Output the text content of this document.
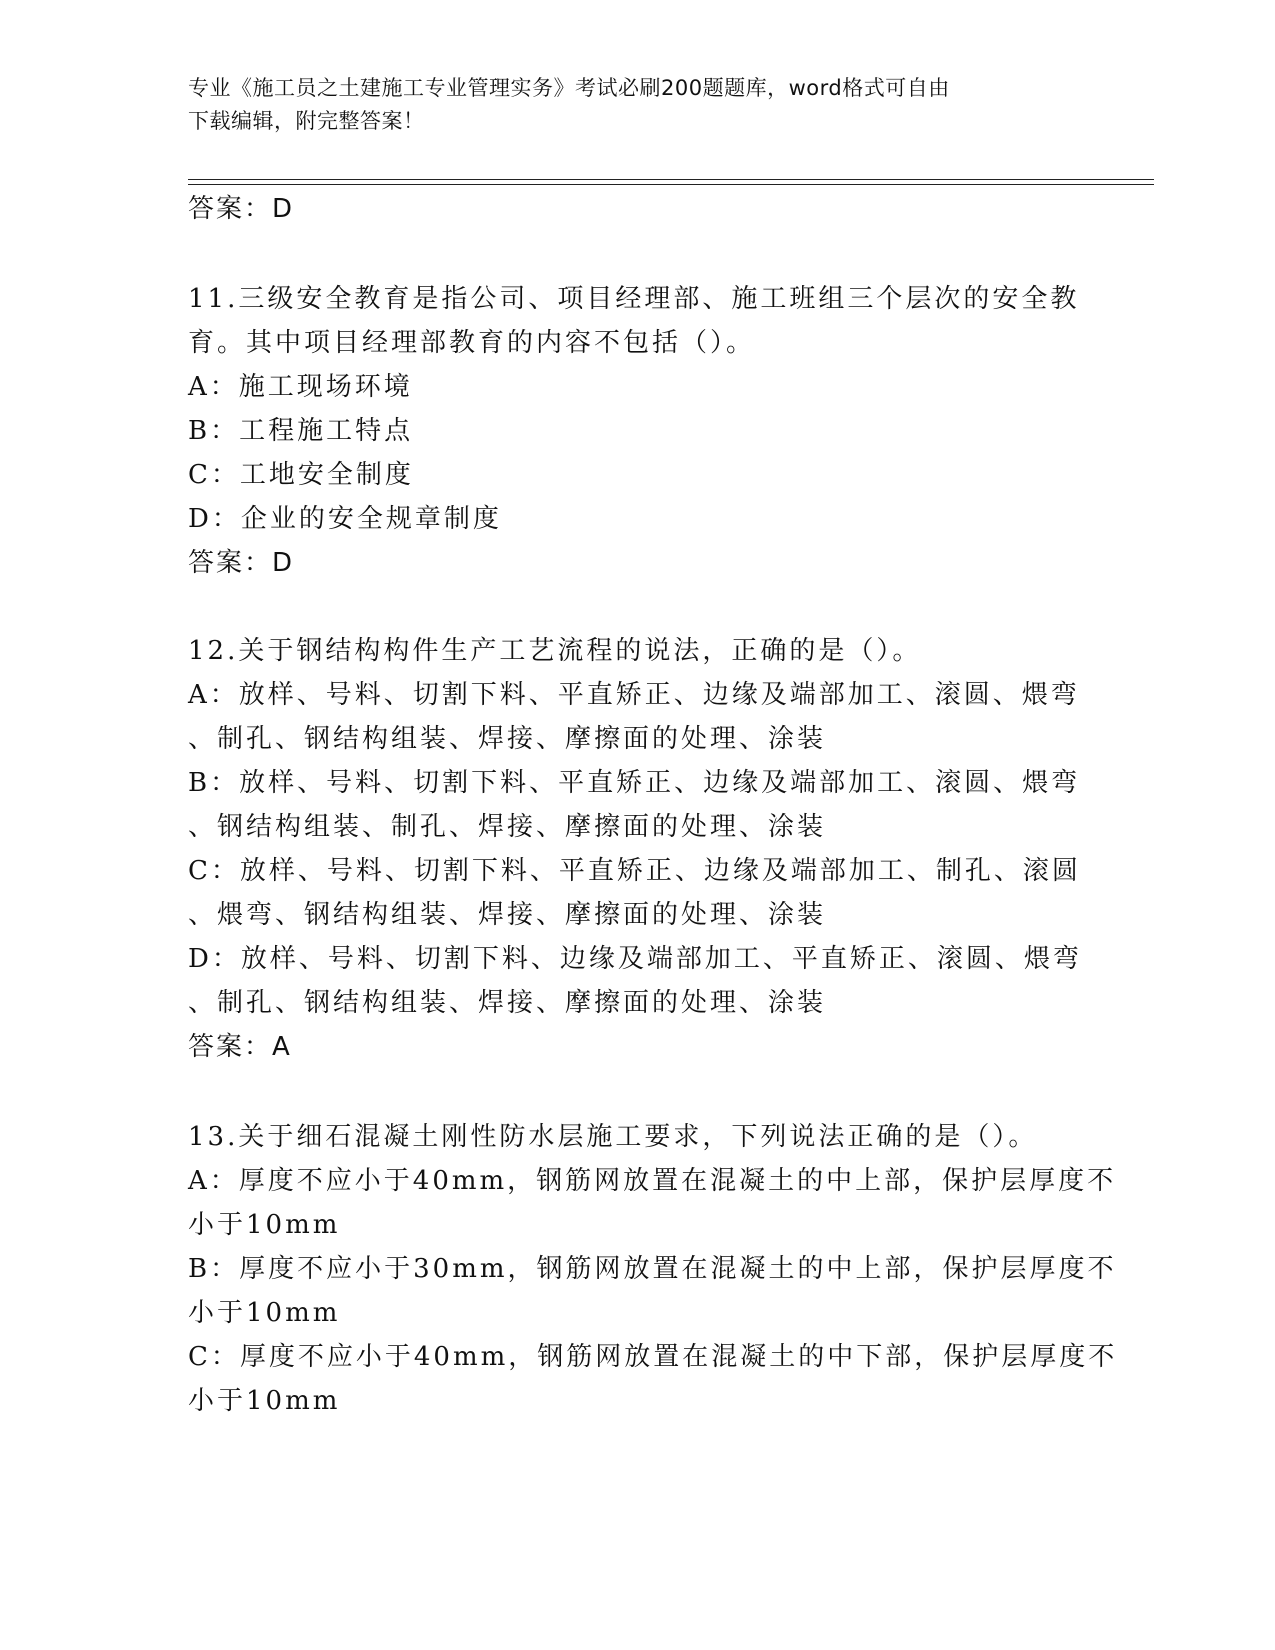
专业《施工员之土建施工专业管理实务》考试必刷200题题库，word格式可自由
下载编辑，附完整答案！
答案：D
11.三级安全教育是指公司、项目经理部、施工班组三个层次的安全教
育。其中项目经理部教育的内容不包括（）。
A：施工现场环境
B：工程施工特点
C：工地安全制度
D：企业的安全规章制度
答案：D
12.关于钢结构构件生产工艺流程的说法，正确的是（）。
A：放样、号料、切割下料、平直矫正、边缘及端部加工、滚圆、煨弯
、制孔、钢结构组装、焊接、摩擦面的处理、涂装
B：放样、号料、切割下料、平直矫正、边缘及端部加工、滚圆、煨弯
、钢结构组装、制孔、焊接、摩擦面的处理、涂装
C：放样、号料、切割下料、平直矫正、边缘及端部加工、制孔、滚圆
、煨弯、钢结构组装、焊接、摩擦面的处理、涂装
D：放样、号料、切割下料、边缘及端部加工、平直矫正、滚圆、煨弯
、制孔、钢结构组装、焊接、摩擦面的处理、涂装
答案：A
13.关于细石混凝土刚性防水层施工要求，下列说法正确的是（）。
A：厚度不应小于40mm，钢筋网放置在混凝土的中上部，保护层厚度不
小于10mm
B：厚度不应小于30mm，钢筋网放置在混凝土的中上部，保护层厚度不
小于10mm
C：厚度不应小于40mm，钢筋网放置在混凝土的中下部，保护层厚度不
小于10mm
